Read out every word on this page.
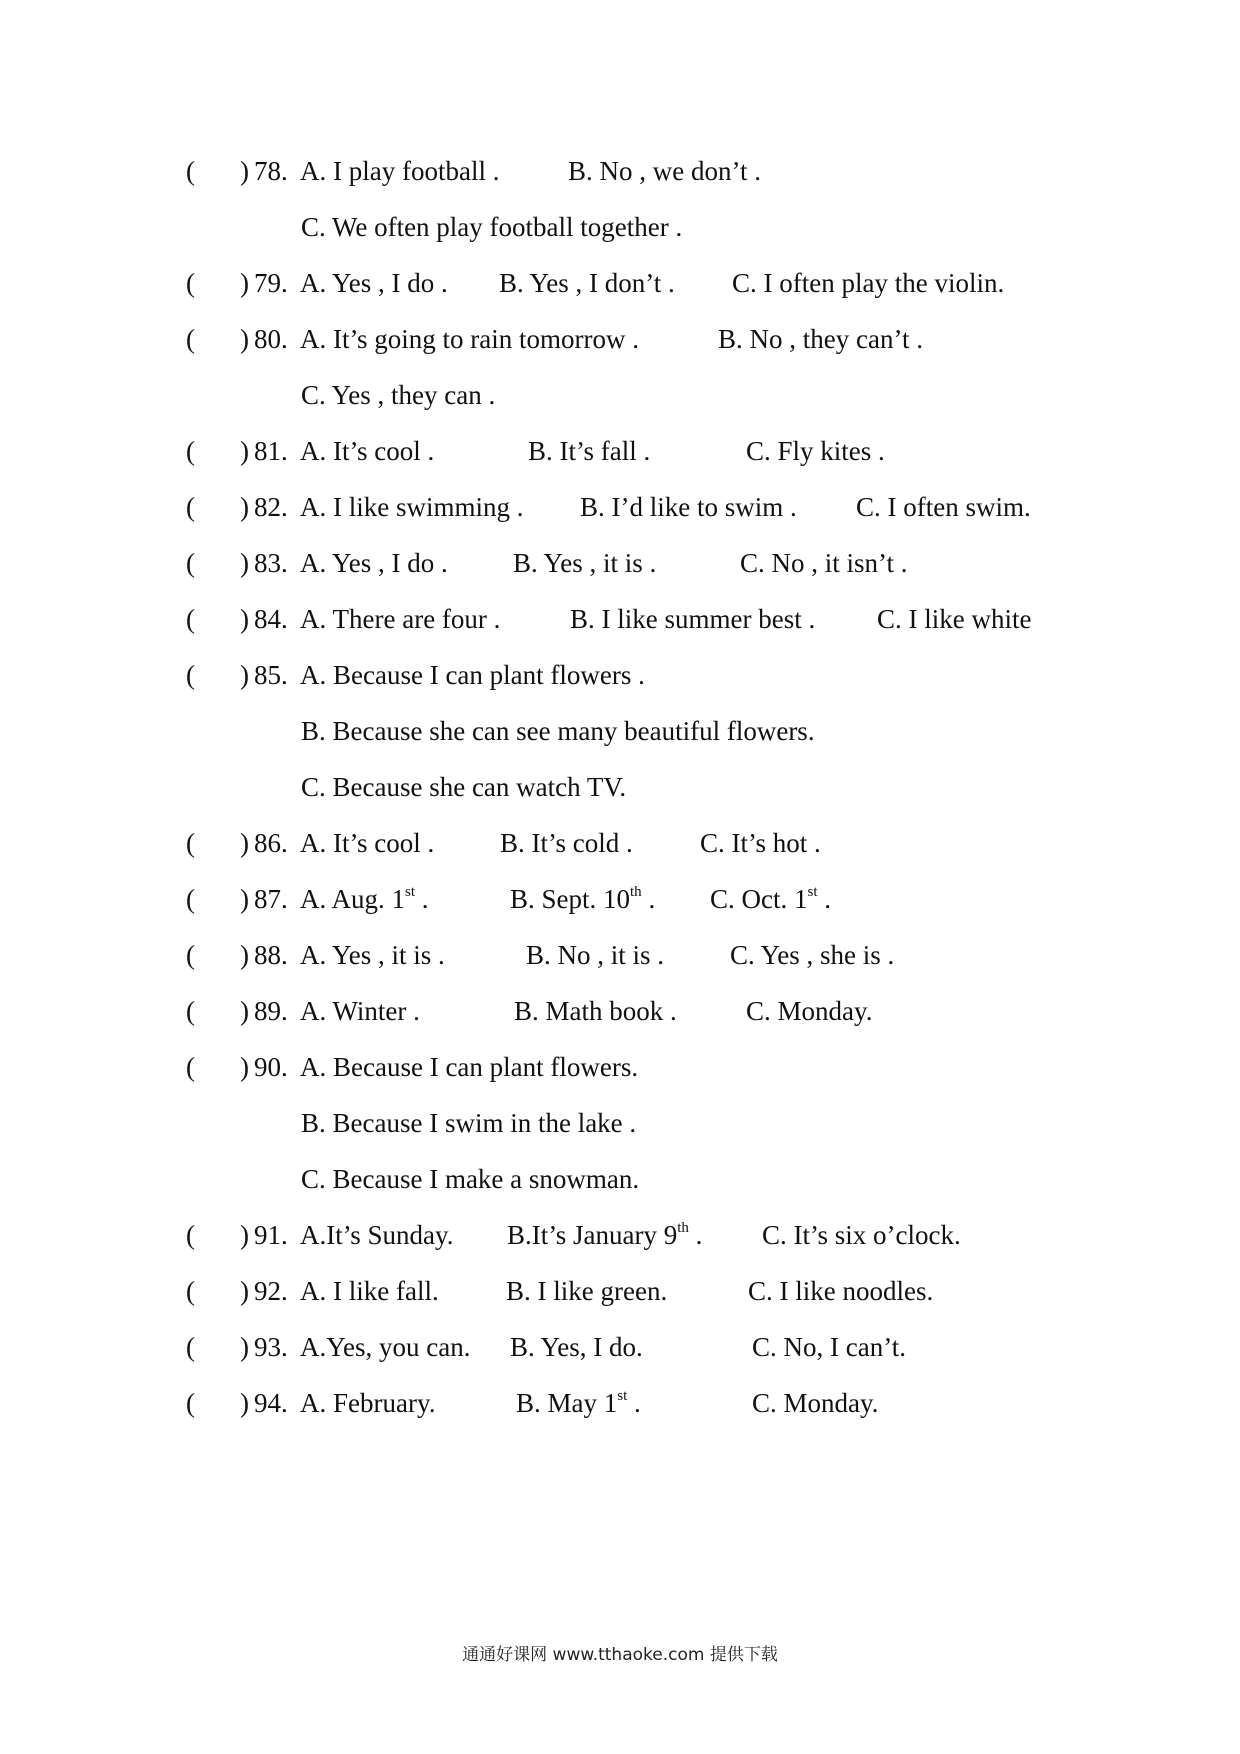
( ) 78. A. I play football .	B. No , we don’t .
C. We often play football together .
( ) 79. A. Yes , I do . B. Yes , I don’t . C. I often play the violin.
( ) 80. A. It’s going to rain tomorrow .	B. No , they can’t .
C. Yes , they can .
( ) 81. A. It’s cool .	B. It’s fall .	C. Fly kites .
( ) 82. A. I like swimming . B. I’d like to swim . C. I often swim.
( ) 83. A. Yes , I do . B. Yes , it is .	C. No , it isn’t .
( ) 84. A. There are four .	B. I like summer best . C. I like white
( ) 85. A. Because I can plant flowers .
B. Because she can see many beautiful flowers.
C. Because she can watch TV.
( ) 86. A. It’s cool . B. It’s cold . C. It’s hot .
( ) 87. A. Aug. 1st .	B. Sept. 10th . C. Oct. 1st .
( ) 88. A. Yes , it is .	B. No , it is . C. Yes , she is .
( ) 89. A. Winter .	B. Math book .	C. Monday.
( ) 90. A. Because I can plant flowers.
B. Because I swim in the lake .
C. Because I make a snowman.
( ) 91. A.It’s Sunday. B.It’s January 9th . C. It’s six o’clock.
( ) 92. A. I like fall. B. I like green.	C. I like noodles.
( ) 93. A.Yes, you can. B. Yes, I do.	C. No, I can’t.
( ) 94. A. February.	B. May 1st .	C. Monday.
通通好课网 www.tthaoke.com 提供下载
